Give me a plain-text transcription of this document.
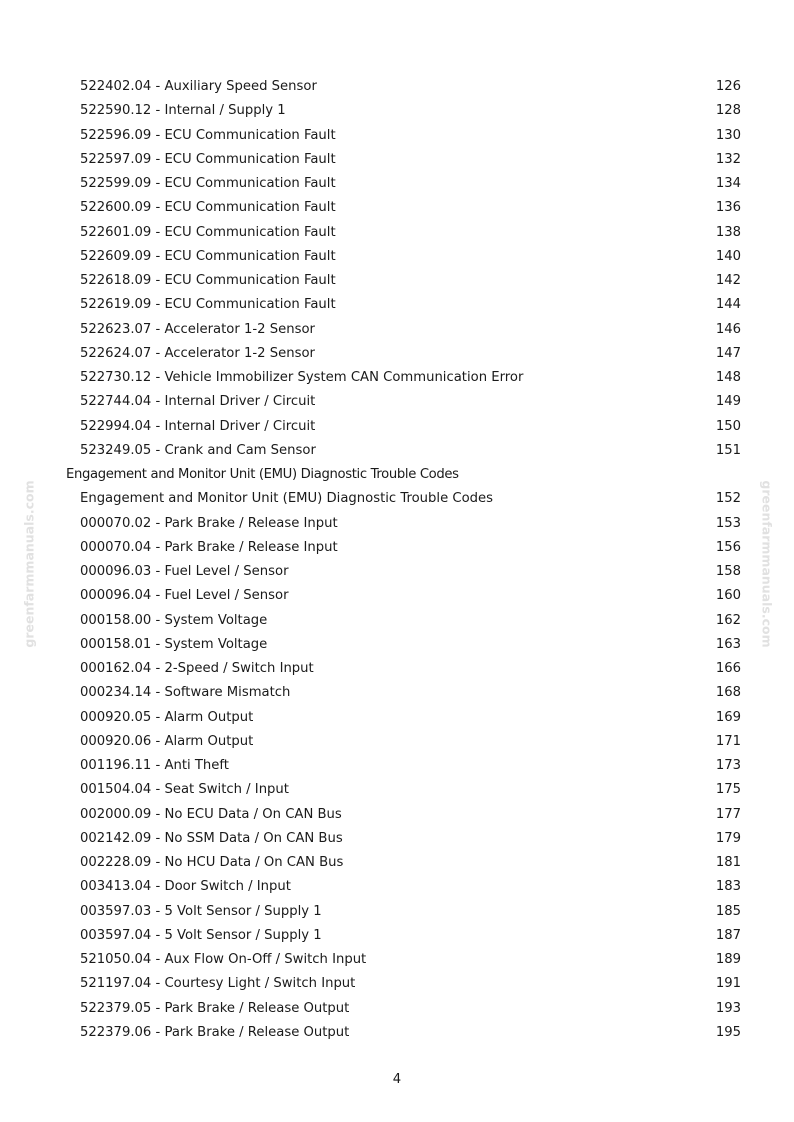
greenfarmmanuals.com	greenfarmmanuals.com
522402.04 - Auxiliary Speed Sensor	126
522590.12 - Internal / Supply 1	128
522596.09 - ECU Communication Fault	130
522597.09 - ECU Communication Fault	132
522599.09 - ECU Communication Fault	134
522600.09 - ECU Communication Fault	136
522601.09 - ECU Communication Fault	138
522609.09 - ECU Communication Fault	140
522618.09 - ECU Communication Fault	142
522619.09 - ECU Communication Fault	144
522623.07 - Accelerator 1-2 Sensor	146
522624.07 - Accelerator 1-2 Sensor	147
522730.12 - Vehicle Immobilizer System CAN Communication Error	148
522744.04 - Internal Driver / Circuit	149
522994.04 - Internal Driver / Circuit	150
523249.05 - Crank and Cam Sensor	151
Engagement and Monitor Unit (EMU) Diagnostic Trouble Codes
Engagement and Monitor Unit (EMU) Diagnostic Trouble Codes	152
000070.02 - Park Brake / Release Input	153
000070.04 - Park Brake / Release Input	156
000096.03 - Fuel Level / Sensor	158
000096.04 - Fuel Level / Sensor	160
000158.00 - System Voltage	162
000158.01 - System Voltage	163
000162.04 - 2-Speed / Switch Input	166
000234.14 - Software Mismatch	168
000920.05 - Alarm Output	169
000920.06 - Alarm Output	171
001196.11 - Anti Theft	173
001504.04 - Seat Switch / Input	175
002000.09 - No ECU Data / On CAN Bus	177
002142.09 - No SSM Data / On CAN Bus	179
002228.09 - No HCU Data / On CAN Bus	181
003413.04 - Door Switch / Input	183
003597.03 - 5 Volt Sensor / Supply 1	185
003597.04 - 5 Volt Sensor / Supply 1	187
521050.04 - Aux Flow On-Off / Switch Input	189
521197.04 - Courtesy Light / Switch Input	191
522379.05 - Park Brake / Release Output	193
522379.06 - Park Brake / Release Output	195
4
